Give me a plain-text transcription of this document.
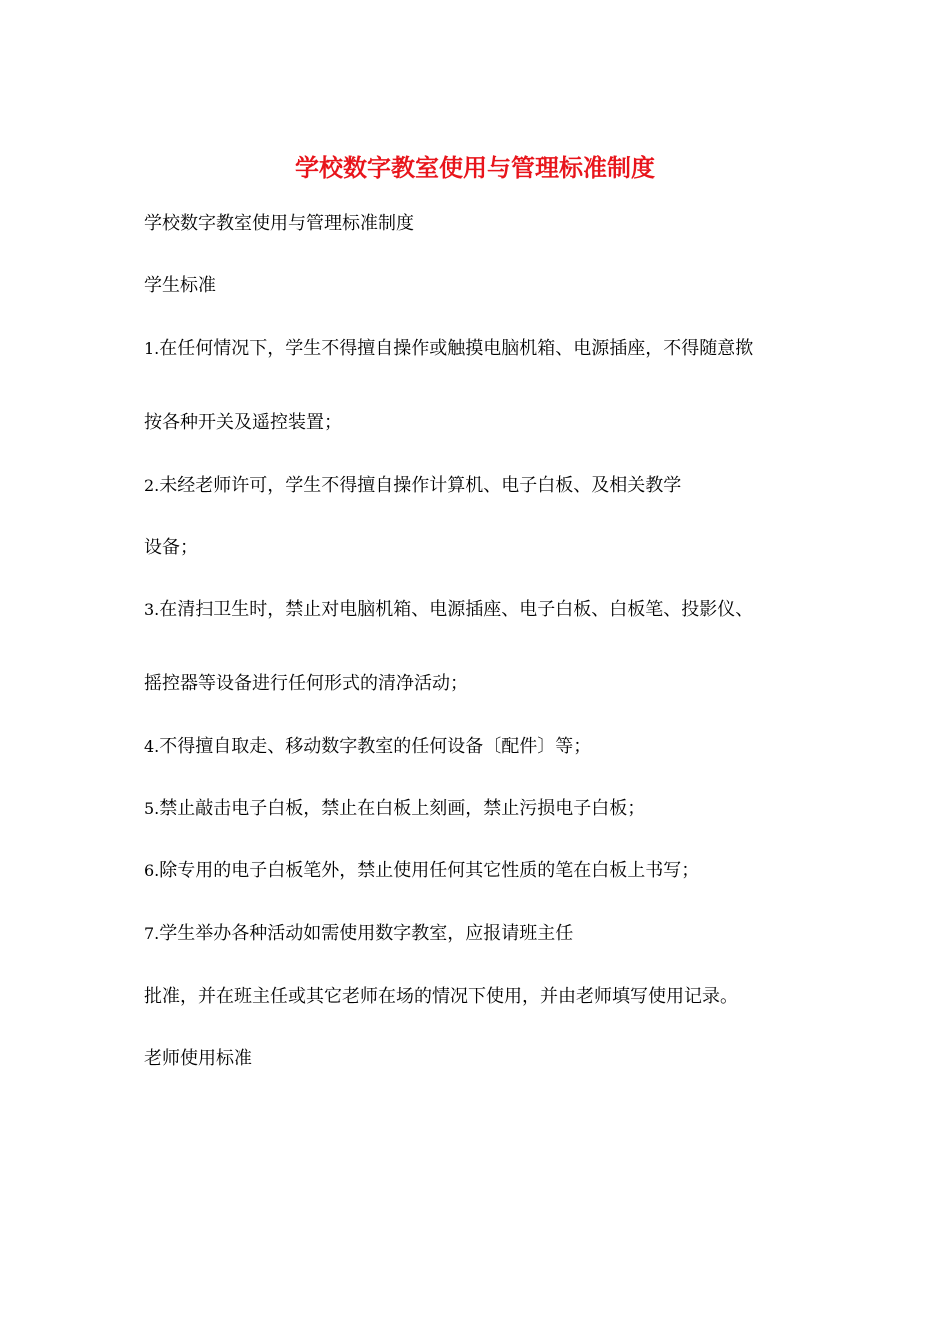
学校数字教室使用与管理标准制度
学校数字教室使用与管理标准制度
学生标准
1.在任何情况下，学生不得擅自操作或触摸电脑机箱、电源插座，不得随意揿
按各种开关及遥控装置；
2.未经老师许可，学生不得擅自操作计算机、电子白板、及相关教学
设备；
3.在清扫卫生时，禁止对电脑机箱、电源插座、电子白板、白板笔、投影仪、
摇控器等设备进行任何形式的清净活动；
4.不得擅自取走、移动数字教室的任何设备〔配件〕等；
5.禁止敲击电子白板，禁止在白板上刻画，禁止污损电子白板；
6.除专用的电子白板笔外，禁止使用任何其它性质的笔在白板上书写；
7.学生举办各种活动如需使用数字教室，应报请班主任
批准，并在班主任或其它老师在场的情况下使用，并由老师填写使用记录。
老师使用标准
